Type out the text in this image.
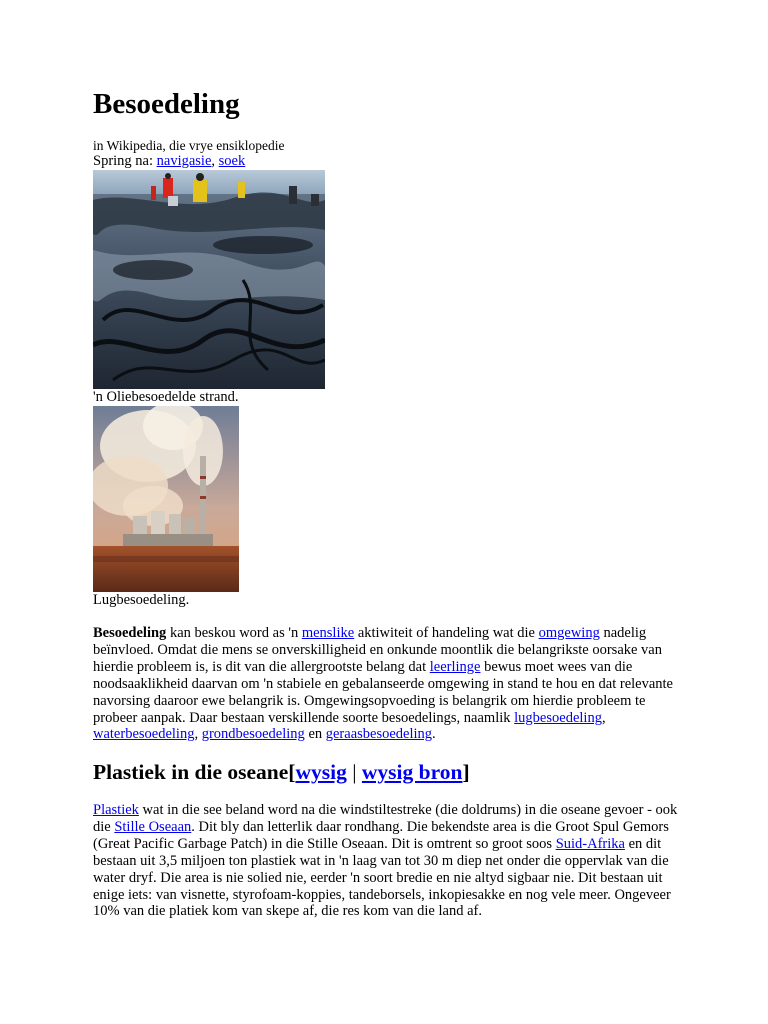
Besoedeling
in Wikipedia, die vrye ensiklopedie
Spring na: navigasie, soek
'n Oliebesoedelde strand.
Lugbesoedeling.

Besoedeling kan beskou word as 'n menslike aktiwiteit of handeling wat die omgewing nadelig beïnvloed. Omdat die mens se onverskilligheid en onkunde moontlik die belangrikste oorsake van hierdie probleem is, is dit van die allergrootste belang dat leerlinge bewus moet wees van die noodsaaklikheid daarvan om 'n stabiele en gebalanseerde omgewing in stand te hou en dat relevante navorsing daaroor ewe belangrik is. Omgewingsopvoeding is belangrik om hierdie probleem te probeer aanpak. Daar bestaan verskillende soorte besoedelings, naamlik lugbesoedeling, waterbesoedeling, grondbesoedeling en geraasbesoedeling.

Plastiek in die oseane[wysig | wysig bron]

Plastiek wat in die see beland word na die windstiltestreke (die doldrums) in die oseane gevoer - ook die Stille Oseaan. Dit bly dan letterlik daar rondhang. Die bekendste area is die Groot Spul Gemors (Great Pacific Garbage Patch) in die Stille Oseaan. Dit is omtrent so groot soos Suid-Afrika en dit bestaan uit 3,5 miljoen ton plastiek wat in 'n laag van tot 30 m diep net onder die oppervlak van die water dryf. Die area is nie solied nie, eerder 'n soort bredie en nie altyd sigbaar nie. Dit bestaan uit enige iets: van visnette, styrofoam-koppies, tandeborsels, inkopiesakke en nog vele meer. Ongeveer 10% van die platiek kom van skepe af, die res kom van die land af.
